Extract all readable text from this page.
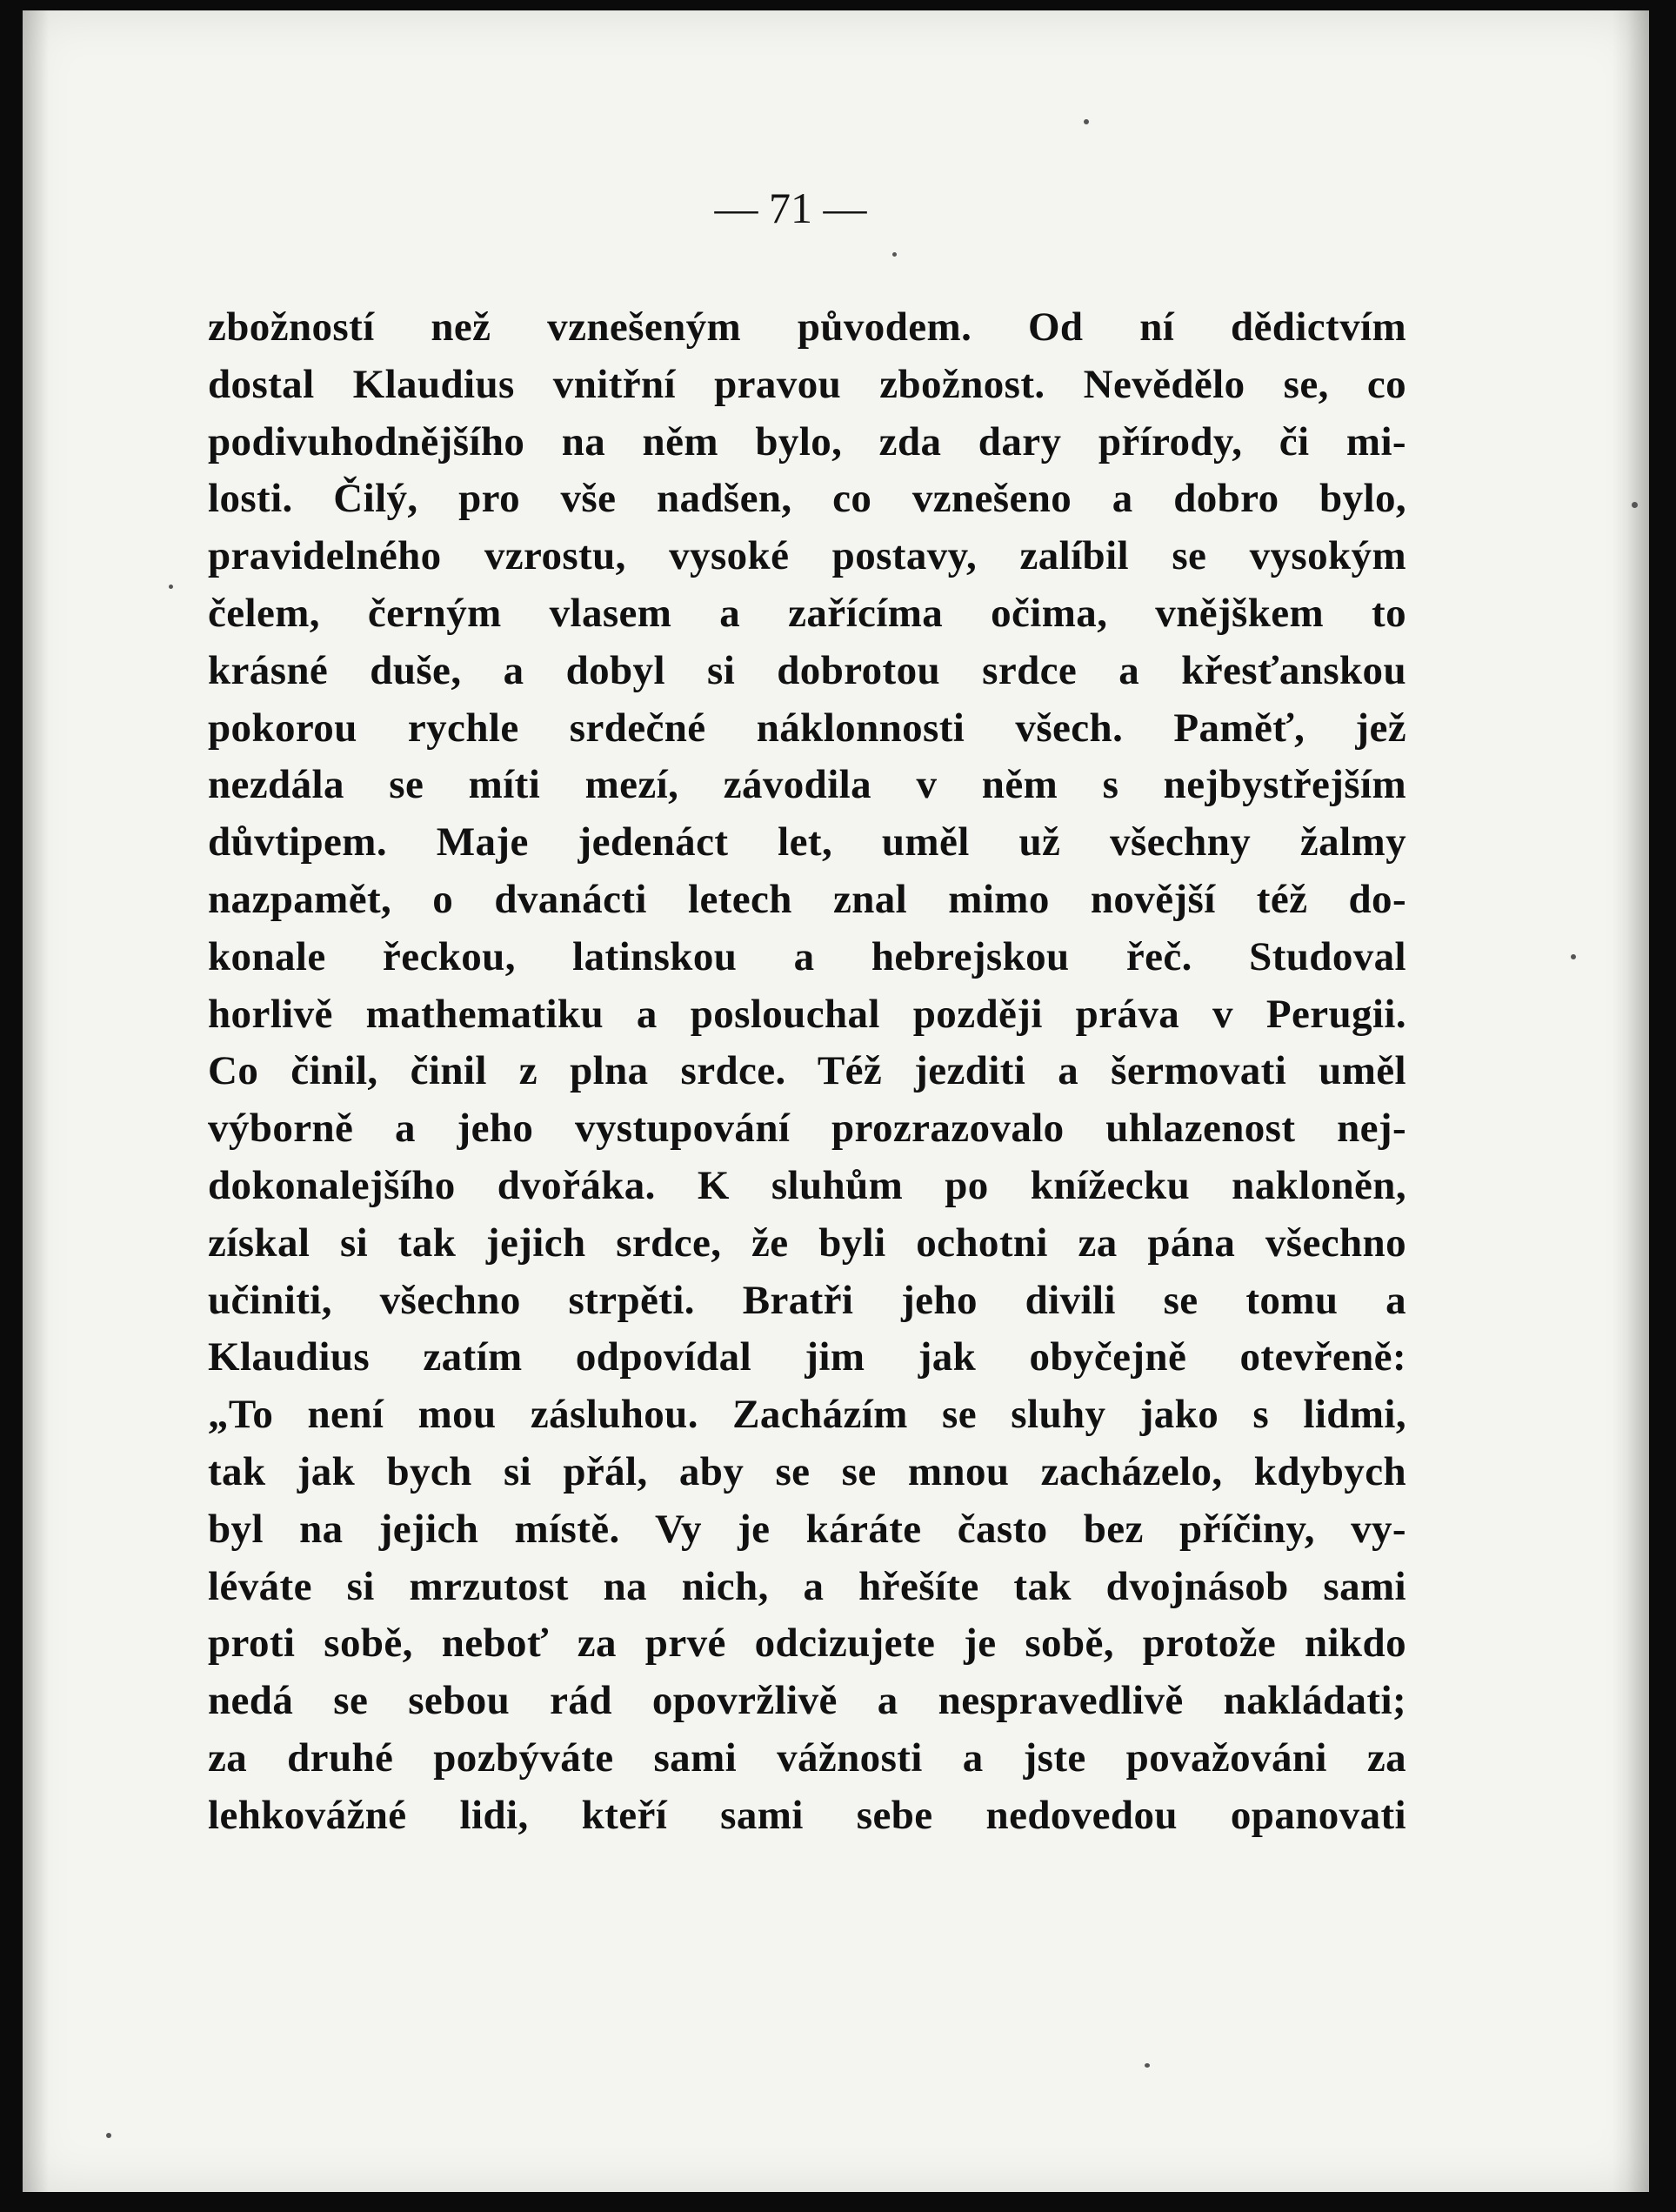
— 71 —
zbožností než vznešeným původem. Od ní dědictvím
dostal Klaudius vnitřní pravou zbožnost. Nevědělo se, co
podivuhodnějšího na něm bylo, zda dary přírody, či mi-
losti. Čilý, pro vše nadšen, co vznešeno a dobro bylo,
pravidelného vzrostu, vysoké postavy, zalíbil se vysokým
čelem, černým vlasem a zařícíma očima, vnějškem to
krásné duše, a dobyl si dobrotou srdce a křesťanskou
pokorou rychle srdečné náklonnosti všech. Paměť, jež
nezdála se míti mezí, závodila v něm s nejbystřejším
důvtipem. Maje jedenáct let, uměl už všechny žalmy
nazpamět, o dvanácti letech znal mimo novější též do-
konale řeckou, latinskou a hebrejskou řeč. Studoval
horlivě mathematiku a poslouchal později práva v Perugii.
Co činil, činil z plna srdce. Též jezditi a šermovati uměl
výborně a jeho vystupování prozrazovalo uhlazenost nej-
dokonalejšího dvořáka. K sluhům po knížecku nakloněn,
získal si tak jejich srdce, že byli ochotni za pána všechno
učiniti, všechno strpěti. Bratři jeho divili se tomu a
Klaudius zatím odpovídal jim jak obyčejně otevřeně:
„To není mou zásluhou. Zacházím se sluhy jako s lidmi,
tak jak bych si přál, aby se se mnou zacházelo, kdybych
byl na jejich místě. Vy je káráte často bez příčiny, vy-
léváte si mrzutost na nich, a hřešíte tak dvojnásob sami
proti sobě, neboť za prvé odcizujete je sobě, protože nikdo
nedá se sebou rád opovržlivě a nespravedlivě nakládati;
za druhé pozbýváte sami vážnosti a jste považováni za
lehkovážné lidi, kteří sami sebe nedovedou opanovati
